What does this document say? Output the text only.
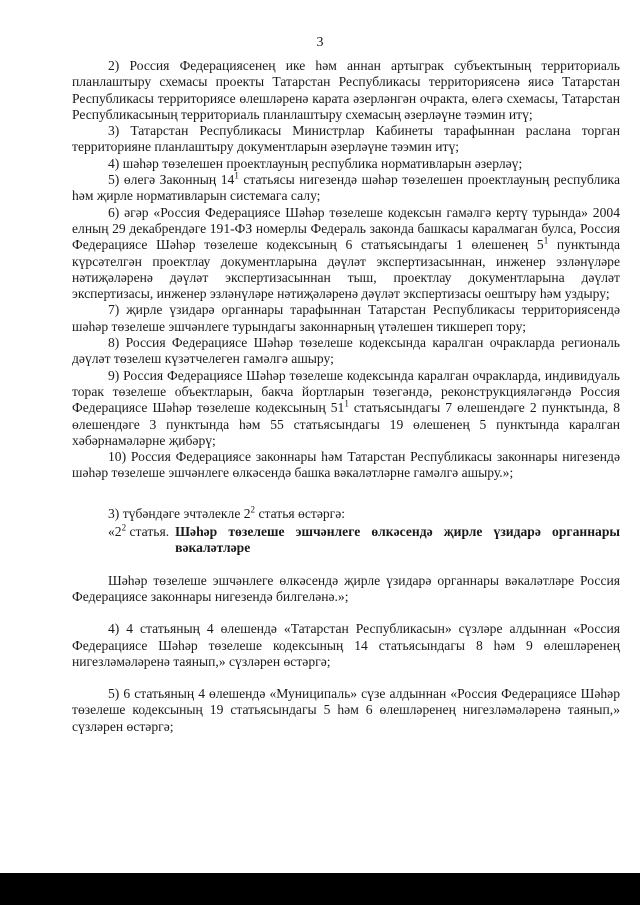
3

2) Россия Федерациясенең ике һәм аннан артыграк субъектының территориаль планлаштыру схемасы проекты Татарстан Республикасы территориясенә яисә Татарстан Республикасы территориясе өлешләренә карата әзерләнгән очракта, өлегә схемасы, Татарстан Республикасының территориаль планлаштыру схемасың әзерләүне тәэмин итү;

3) Татарстан Республикасы Министрлар Кабинеты тарафыннан раслана торган территорияне планлаштыру документларын әзерләүне тәэмин итү;

4) шәһәр төзелешен проектлауның республика нормативларын әзерләү;

5) өлегә Законның $14^1$ статьясы нигезендә шәһәр төзелешен проектлауның республика һәм җирле нормативларын системага салу;

6) әгәр «Россия Федерациясе Шәһәр төзелеше кодексын гамәлгә кертү турында» 2004 елның 29 декабрендәге 191-ФЗ номерлы Федераль законда башкасы каралмаган булса, Россия Федерациясе Шәһәр төзелеше кодексының 6 статьясындагы 1 өлешенең $5^1$ пунктында күрсәтелгән проектлау документларына дәүләт экспертизасыннан, инженер эзләнүләре нәтиҗәләренә дәүләт экспертизасыннан тыш, проектлау документларына дәүләт экспертизасы, инженер эзләнүләре нәтиҗәләренә дәүләт экспертизасы оештыру һәм уздыру;

7) җирле үзидарә органнары тарафыннан Татарстан Республикасы территориясендә шәһәр төзелеше эшчәнлеге турындагы законнарның үтәлешен тикшереп тору;

8) Россия Федерациясе Шәһәр төзелеше кодексында каралган очракларда региональ дәүләт төзелеш күзәтчелеген гамәлгә ашыру;

9) Россия Федерациясе Шәһәр төзелеше кодексында каралган очракларда, индивидуаль торак төзелеше объектларын, бакча йортларын төзегәндә, реконструкцияләгәндә Россия Федерациясе Шәһәр төзелеше кодексының $51^1$ статьясындагы 7 өлешендәге 2 пунктында, 8 өлешендәге 3 пунктында һәм 55 статьясындагы 19 өлешенең 5 пунктында каралган хәбәрнамәләрне җибәрү;

10) Россия Федерациясе законнары һәм Татарстан Республикасы законнары нигезендә шәһәр төзелеше эшчәнлеге өлкәсендә башка вәкаләтләрне гамәлгә ашыру.»;

3) түбәндәге эчтәлекле $2^2$ статья өстәргә:

«$2^2$ статья. Шәһәр төзелеше эшчәнлеге өлкәсендә җирле үзидарә органнары вәкаләтләре

Шәһәр төзелеше эшчәнлеге өлкәсендә җирле үзидарә органнары вәкаләтләре Россия Федерациясе законнары нигезендә билгеләнә.»;

4) 4 статьяның 4 өлешендә «Татарстан Республикасын» сүзләре алдыннан «Россия Федерациясе Шәһәр төзелеше кодексының 14 статьясындагы 8 һәм 9 өлешләренең нигезләмәләренә таянып,» сүзләрен өстәргә;

5) 6 статьяның 4 өлешендә «Муниципаль» сүзе алдыннан «Россия Федерациясе Шәһәр төзелеше кодексының 19 статьясындагы 5 һәм 6 өлешләренең нигезләмәләренә таянып,» сүзләрен өстәргә;
